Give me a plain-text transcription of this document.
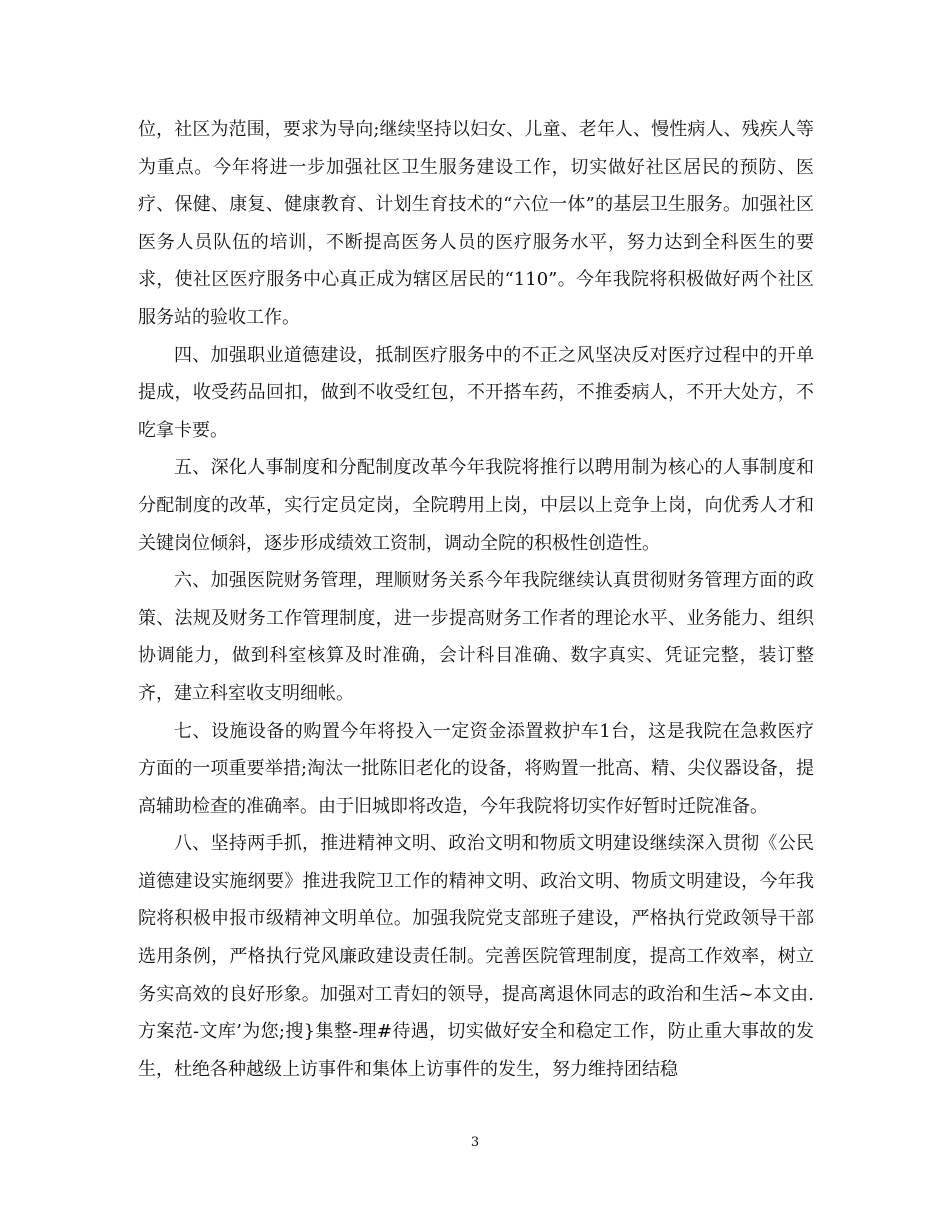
位，社区为范围，要求为导向;继续坚持以妇女、儿童、老年人、慢性病人、残疾人等为重点。今年将进一步加强社区卫生服务建设工作，切实做好社区居民的预防、医疗、保健、康复、健康教育、计划生育技术的“六位一体”的基层卫生服务。加强社区医务人员队伍的培训，不断提高医务人员的医疗服务水平，努力达到全科医生的要求，使社区医疗服务中心真正成为辖区居民的“110”。今年我院将积极做好两个社区服务站的验收工作。

四、加强职业道德建设，抵制医疗服务中的不正之风坚决反对医疗过程中的开单提成，收受药品回扣，做到不收受红包，不开搭车药，不推委病人，不开大处方，不吃拿卡要。

五、深化人事制度和分配制度改革今年我院将推行以聘用制为核心的人事制度和分配制度的改革，实行定员定岗，全院聘用上岗，中层以上竞争上岗，向优秀人才和关键岗位倾斜，逐步形成绩效工资制，调动全院的积极性创造性。

六、加强医院财务管理，理顺财务关系今年我院继续认真贯彻财务管理方面的政策、法规及财务工作管理制度，进一步提高财务工作者的理论水平、业务能力、组织协调能力，做到科室核算及时准确，会计科目准确、数字真实、凭证完整，装订整齐，建立科室收支明细帐。

七、设施设备的购置今年将投入一定资金添置救护车1台，这是我院在急救医疗方面的一项重要举措;淘汰一批陈旧老化的设备，将购置一批高、精、尖仪器设备，提高辅助检查的准确率。由于旧城即将改造，今年我院将切实作好暂时迁院准备。

八、坚持两手抓，推进精神文明、政治文明和物质文明建设继续深入贯彻《公民道德建设实施纲要》推进我院卫工作的精神文明、政治文明、物质文明建设，今年我院将积极申报市级精神文明单位。加强我院党支部班子建设，严格执行党政领导干部选用条例，严格执行党风廉政建设责任制。完善医院管理制度，提高工作效率，树立务实高效的良好形象。加强对工青妇的领导，提高离退休同志的政治和生活~本文由.方案范-文库’为您;搜}集整-理#待遇，切实做好安全和稳定工作，防止重大事故的发生，杜绝各种越级上访事件和集体上访事件的发生，努力维持团结稳

3
